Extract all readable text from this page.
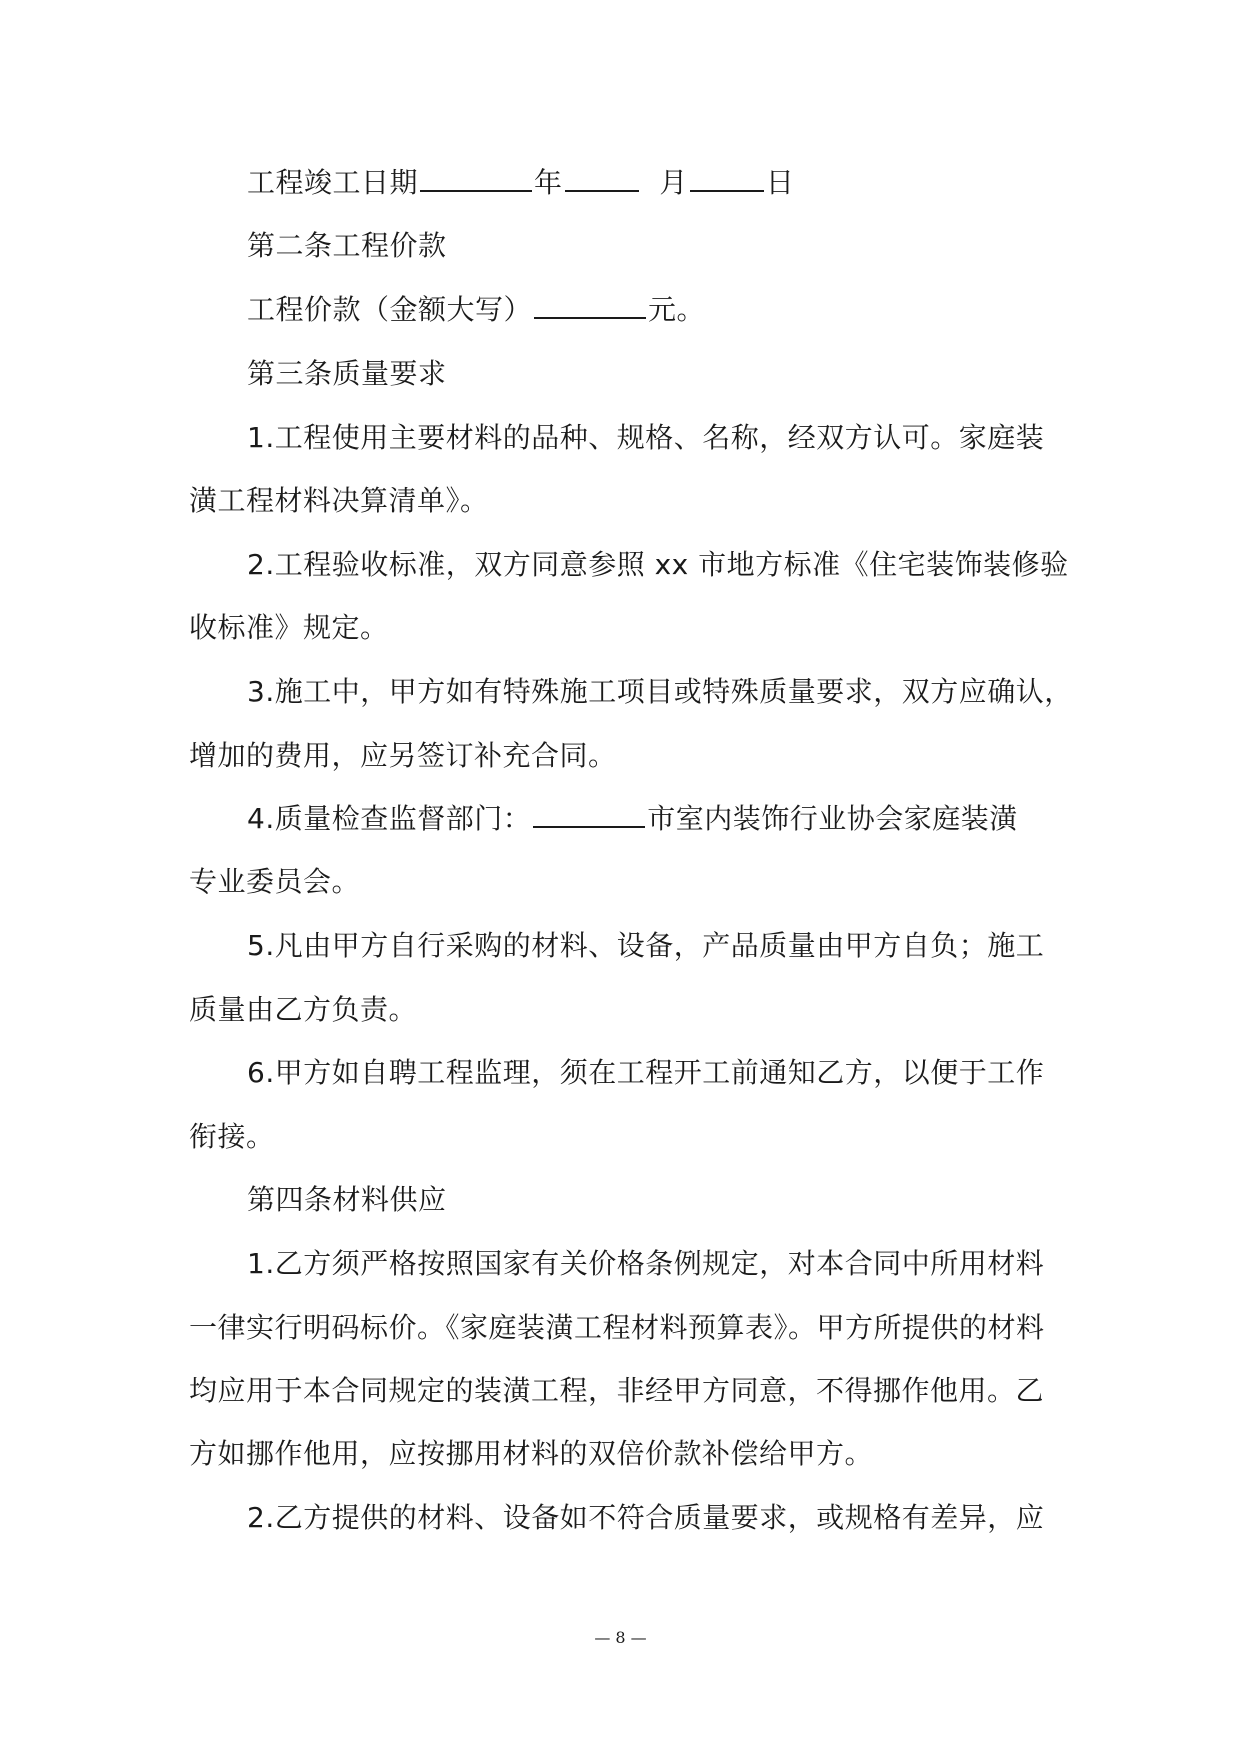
工程竣工日期	年	月	日
第二条工程价款
工程价款（金额大写）	元。
第三条质量要求
1.工程使用主要材料的品种、规格、名称，经双方认可。家庭装
潢工程材料决算清单》。
2.工程验收标准，双方同意参照 xx 市地方标准《住宅装饰装修验
收标准》规定。
3.施工中，甲方如有特殊施工项目或特殊质量要求，双方应确认，
增加的费用，应另签订补充合同。
4.质量检查监督部门：	市室内装饰行业协会家庭装潢
专业委员会。
5.凡由甲方自行采购的材料、设备，产品质量由甲方自负；施工
质量由乙方负责。
6.甲方如自聘工程监理，须在工程开工前通知乙方，以便于工作
衔接。
第四条材料供应
1.乙方须严格按照国家有关价格条例规定，对本合同中所用材料
一律实行明码标价。《家庭装潢工程材料预算表》。甲方所提供的材料
均应用于本合同规定的装潢工程，非经甲方同意，不得挪作他用。乙
方如挪作他用，应按挪用材料的双倍价款补偿给甲方。
2.乙方提供的材料、设备如不符合质量要求，或规格有差异，应
— 8 —
